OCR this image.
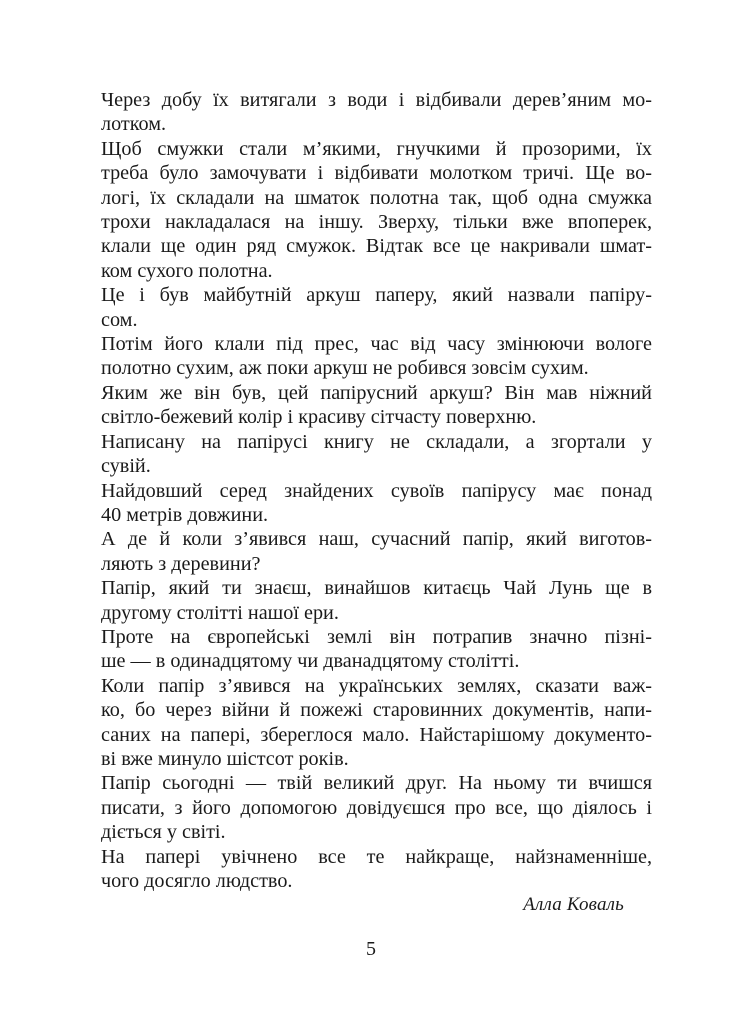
Через добу їх витягали з води і відбивали дерев’яним мо-
лотком.
Щоб смужки стали м’якими, гнучкими й прозорими, їх
треба було замочувати і відбивати молотком тричі. Ще во-
логі, їх складали на шматок полотна так, щоб одна смужка
трохи накладалася на іншу. Зверху, тільки вже впоперек,
клали ще один ряд смужок. Відтак все це накривали шмат-
ком сухого полотна.
Це і був майбутній аркуш паперу, який назвали папіру-
сом.
Потім його клали під прес, час від часу змінюючи вологе
полотно сухим, аж поки аркуш не робився зовсім сухим.
Яким же він був, цей папірусний аркуш? Він мав ніжний
світло-бежевий колір і красиву сітчасту поверхню.
Написану на папірусі книгу не складали, а згортали у
сувій.
Найдовший серед знайдених сувоїв папірусу має понад
40 метрів довжини.
А де й коли з’явився наш, сучасний папір, який виготов-
ляють з деревини?
Папір, який ти знаєш, винайшов китаєць Чай Лунь ще в
другому столітті нашої ери.
Проте на європейські землі він потрапив значно пізні-
ше — в одинадцятому чи дванадцятому столітті.
Коли папір з’явився на українських землях, сказати важ-
ко, бо через війни й пожежі старовинних документів, напи-
саних на папері, збереглося мало. Найстарішому документо-
ві вже минуло шістсот років.
Папір сьогодні — твій великий друг. На ньому ти вчишся
писати, з його допомогою довідуєшся про все, що діялось і
діється у світі.
На папері увічнено все те найкраще, найзнаменніше,
чого досягло людство.
Алла Коваль
5
